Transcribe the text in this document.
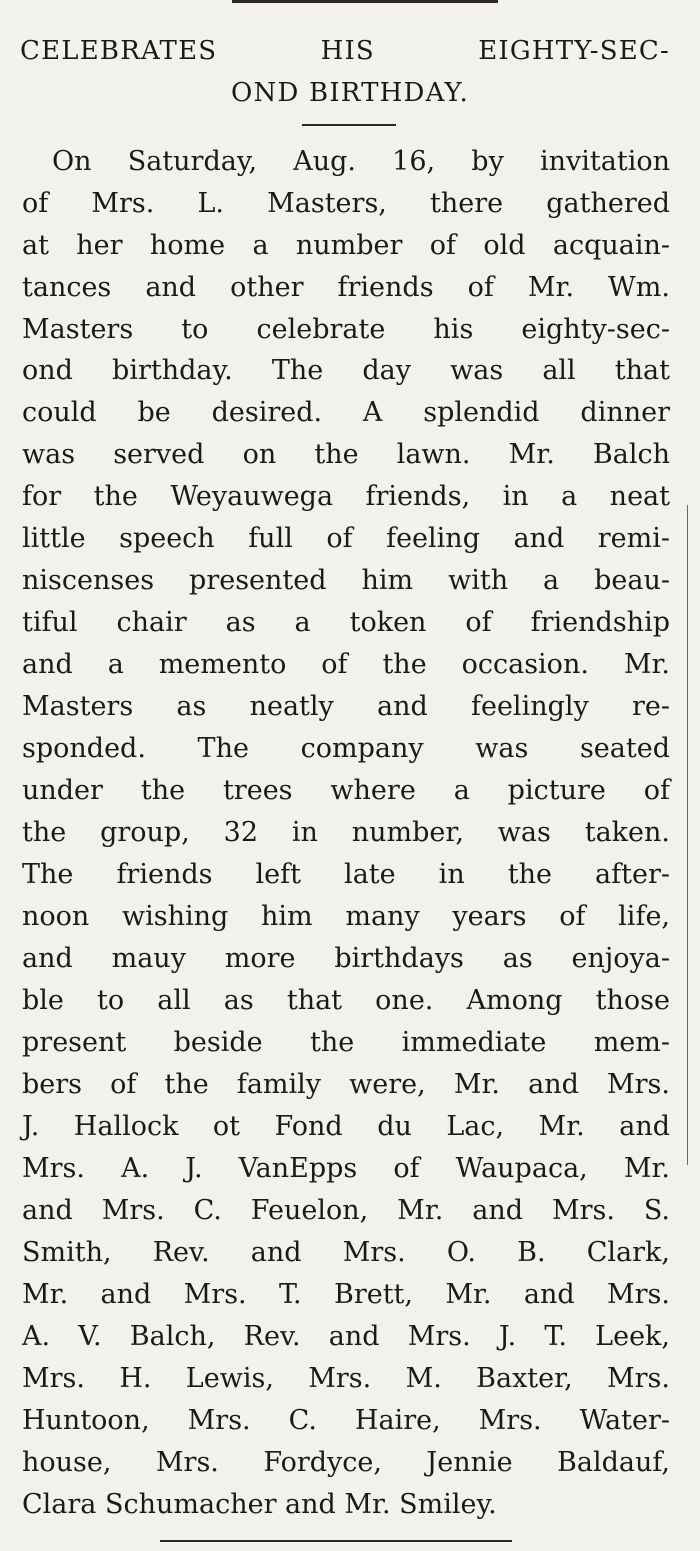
CELEBRATES HIS EIGHTY-SEC-
OND BIRTHDAY.
On Saturday, Aug. 16, by invitation
of Mrs. L. Masters, there gathered
at her home a number of old acquain-
tances and other friends of Mr. Wm.
Masters to celebrate his eighty-sec-
ond birthday. The day was all that
could be desired. A splendid dinner
was served on the lawn. Mr. Balch
for the Weyauwega friends, in a neat
little speech full of feeling and remi-
niscenses presented him with a beau-
tiful chair as a token of friendship
and a memento of the occasion. Mr.
Masters as neatly and feelingly re-
sponded. The company was seated
under the trees where a picture of
the group, 32 in number, was taken.
The friends left late in the after-
noon wishing him many years of life,
and mauy more birthdays as enjoya-
ble to all as that one. Among those
present beside the immediate mem-
bers of the family were, Mr. and Mrs.
J. Hallock ot Fond du Lac, Mr. and
Mrs. A. J. VanEpps of Waupaca, Mr.
and Mrs. C. Feuelon, Mr. and Mrs. S.
Smith, Rev. and Mrs. O. B. Clark,
Mr. and Mrs. T. Brett, Mr. and Mrs.
A. V. Balch, Rev. and Mrs. J. T. Leek,
Mrs. H. Lewis, Mrs. M. Baxter, Mrs.
Huntoon, Mrs. C. Haire, Mrs. Water-
house, Mrs. Fordyce, Jennie Baldauf,
Clara Schumacher and Mr. Smiley.
